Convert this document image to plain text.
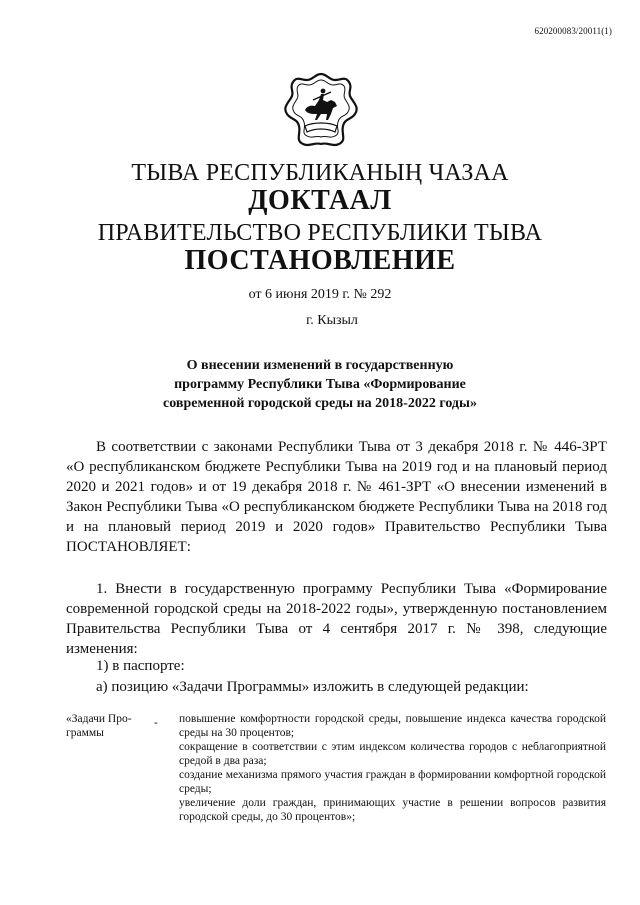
620200083/20011(1)
ТЫВА РЕСПУБЛИКАНЫҢ ЧАЗАА
ДОКТААЛ
ПРАВИТЕЛЬСТВО РЕСПУБЛИКИ ТЫВА
ПОСТАНОВЛЕНИЕ
от 6 июня 2019 г. № 292
г. Кызыл
О внесении изменений в государственную
программу Республики Тыва «Формирование
современной городской среды на 2018-2022 годы»
В соответствии с законами Республики Тыва от 3 декабря 2018 г. № 446-ЗРТ «О республиканском бюджете Республики Тыва на 2019 год и на плановый период 2020 и 2021 годов» и от 19 декабря 2018 г. № 461-ЗРТ «О внесении изменений в Закон Республики Тыва «О республиканском бюджете Республики Тыва на 2018 год и на плановый период 2019 и 2020 годов» Правительство Республики Тыва ПОСТАНОВЛЯЕТ:
1. Внести в государственную программу Республики Тыва «Формирование современной городской среды на 2018-2022 годы», утвержденную постановлением Правительства Республики Тыва от 4 сентября 2017 г. № 398, следующие изменения:
1) в паспорте:
а) позицию «Задачи Программы» изложить в следующей редакции:
«Задачи Про-
граммы
- повышение комфортности городской среды, повышение индекса качества городской среды на 30 процентов;
сокращение в соответствии с этим индексом количества городов с неблагоприятной средой в два раза;
создание механизма прямого участия граждан в формировании комфортной городской среды;
увеличение доли граждан, принимающих участие в решении вопросов развития городской среды, до 30 процентов»;
